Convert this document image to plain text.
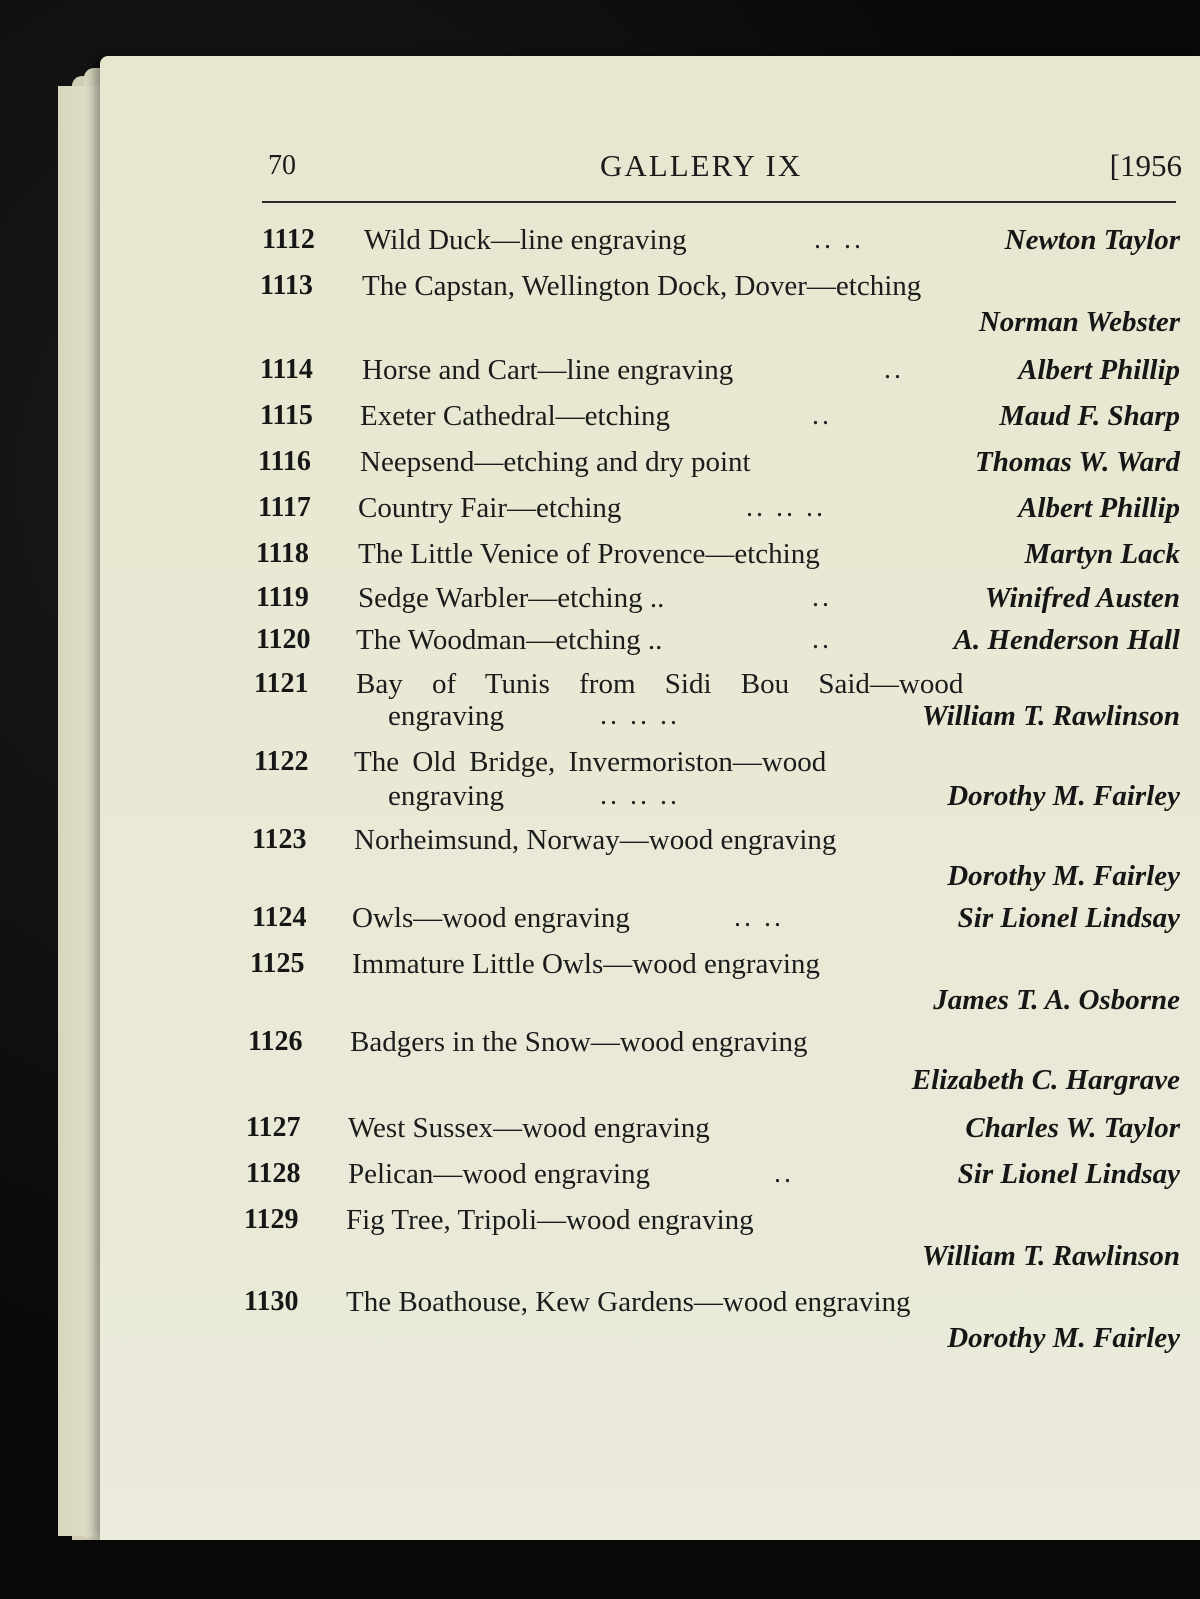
70	GALLERY IX	[1956
1112 Wild Duck—line engraving	.. ..	Newton Taylor
1113 The Capstan, Wellington Dock, Dover—etching
Norman Webster
1114 Horse and Cart—line engraving	..	Albert Phillip
1115 Exeter Cathedral—etching	..	Maud F. Sharp
1116 Neepsend—etching and dry point	Thomas W. Ward
1117 Country Fair—etching	.. .. ..	Albert Phillip
1118 The Little Venice of Provence—etching	Martyn Lack
1119 Sedge Warbler—etching ..	..	Winifred Austen
1120 The Woodman—etching ..	..	A. Henderson Hall
1121 Bay of Tunis from Sidi Bou Said—wood
engraving	.. .. ..	William T. Rawlinson
1122 The Old Bridge, Invermoriston—wood
engraving	.. .. ..	Dorothy M. Fairley
1123 Norheimsund, Norway—wood engraving
Dorothy M. Fairley
1124 Owls—wood engraving	.. ..	Sir Lionel Lindsay
1125 Immature Little Owls—wood engraving
James T. A. Osborne
1126 Badgers in the Snow—wood engraving
Elizabeth C. Hargrave
1127 West Sussex—wood engraving	Charles W. Taylor
1128 Pelican—wood engraving	..	Sir Lionel Lindsay
1129 Fig Tree, Tripoli—wood engraving
William T. Rawlinson
1130 The Boathouse, Kew Gardens—wood engraving
Dorothy M. Fairley
